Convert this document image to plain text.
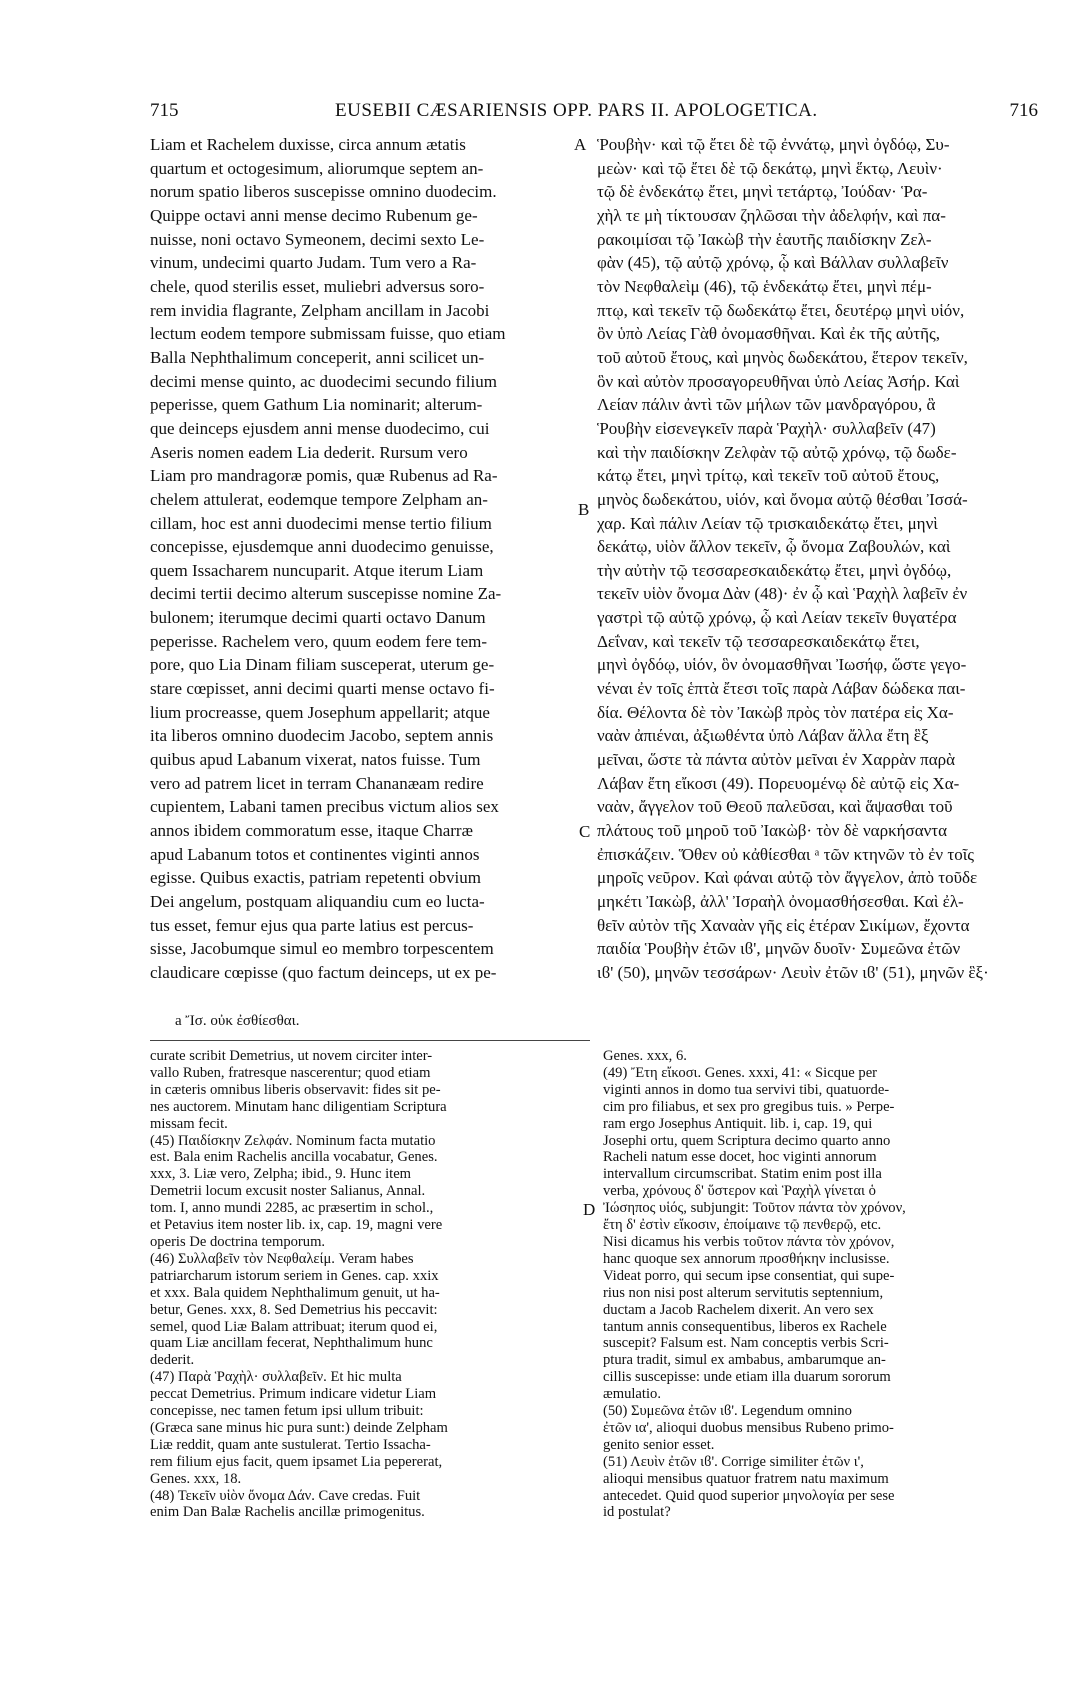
715	EUSEBII CÆSARIENSIS OPP. PARS II. APOLOGETICA.	716
Liam et Rachelem duxisse, circa annum ætatis
quartum et octogesimum, aliorumque septem an-
norum spatio liberos suscepisse omnino duodecim.
Quippe octavi anni mense decimo Rubenum ge-
nuisse, noni octavo Symeonem, decimi sexto Le-
vinum, undecimi quarto Judam. Tum vero a Ra-
chele, quod sterilis esset, muliebri adversus soro-
rem invidia flagrante, Zelpham ancillam in Jacobi
lectum eodem tempore submissam fuisse, quo etiam
Balla Nephthalimum conceperit, anni scilicet un-
decimi mense quinto, ac duodecimi secundo filium
peperisse, quem Gathum Lia nominarit; alterum-
que deinceps ejusdem anni mense duodecimo, cui
Aseris nomen eadem Lia dederit. Rursum vero
Liam pro mandragoræ pomis, quæ Rubenus ad Ra-
chelem attulerat, eodemque tempore Zelpham an-
cillam, hoc est anni duodecimi mense tertio filium
concepisse, ejusdemque anni duodecimo genuisse,
quem Issacharem nuncuparit. Atque iterum Liam
decimi tertii decimo alterum suscepisse nomine Za-
bulonem; iterumque decimi quarti octavo Danum
peperisse. Rachelem vero, quum eodem fere tem-
pore, quo Lia Dinam filiam susceperat, uterum ge-
stare cœpisset, anni decimi quarti mense octavo fi-
lium procreasse, quem Josephum appellarit; atque
ita liberos omnino duodecim Jacobo, septem annis
quibus apud Labanum vixerat, natos fuisse. Tum
vero ad patrem licet in terram Chananæam redire
cupientem, Labani tamen precibus victum alios sex
annos ibidem commoratum esse, itaque Charræ
apud Labanum totos et continentes viginti annos
egisse. Quibus exactis, patriam repetenti obvium
Dei angelum, postquam aliquandiu cum eo lucta-
tus esset, femur ejus qua parte latius est percus-
sisse, Jacobumque simul eo membro torpescentem
claudicare cœpisse (quo factum deinceps, ut ex pe-
Ῥουβὴν· καὶ τῷ ἔτει δὲ τῷ ἐννάτῳ, μηνὶ ὀγδόῳ, Συ-
μεὼν· καὶ τῷ ἔτει δὲ τῷ δεκάτῳ, μηνὶ ἕκτῳ, Λευὶν·
τῷ δὲ ἑνδεκάτῳ ἔτει, μηνὶ τετάρτῳ, Ἰούδαν· Ῥα-
χὴλ τε μὴ τίκτουσαν ζηλῶσαι τὴν ἀδελφήν, καὶ πα-
ρακοιμίσαι τῷ Ἰακὼβ τὴν ἑαυτῆς παιδίσκην Ζελ-
φὰν (45), τῷ αὐτῷ χρόνῳ, ᾧ καὶ Βάλλαν συλλαβεῖν
τὸν Νεφθαλεὶμ (46), τῷ ἑνδεκάτῳ ἔτει, μηνὶ πέμ-
πτῳ, καὶ τεκεῖν τῷ δωδεκάτῳ ἔτει, δευτέρῳ μηνὶ υἱόν,
ὃν ὑπὸ Λείας Γὰθ ὀνομασθῆναι. Καὶ ἐκ τῆς αὐτῆς,
τοῦ αὐτοῦ ἔτους, καὶ μηνὸς δωδεκάτου, ἕτερον τεκεῖν,
ὃν καὶ αὐτὸν προσαγορευθῆναι ὑπὸ Λείας Ἀσήρ. Καὶ
Λείαν πάλιν ἀντὶ τῶν μήλων τῶν μανδραγόρου, ἃ
Ῥουβὴν εἰσενεγκεῖν παρὰ Ῥαχὴλ· συλλαβεῖν (47)
καὶ τὴν παιδίσκην Ζελφὰν τῷ αὐτῷ χρόνῳ, τῷ δωδε-
κάτῳ ἔτει, μηνὶ τρίτῳ, καὶ τεκεῖν τοῦ αὐτοῦ ἔτους,
μηνὸς δωδεκάτου, υἱόν, καὶ ὄνομα αὐτῷ θέσθαι Ἰσσά-
χαρ. Καὶ πάλιν Λείαν τῷ τρισκαιδεκάτῳ ἔτει, μηνὶ
δεκάτῳ, υἱὸν ἄλλον τεκεῖν, ᾧ ὄνομα Ζαβουλών, καὶ
τὴν αὐτὴν τῷ τεσσαρεσκαιδεκάτῳ ἔτει, μηνὶ ὀγδόῳ,
τεκεῖν υἱὸν ὄνομα Δὰν (48)· ἐν ᾧ καὶ Ῥαχὴλ λαβεῖν ἐν
γαστρὶ τῷ αὐτῷ χρόνῳ, ᾧ καὶ Λείαν τεκεῖν θυγατέρα
Δεΐναν, καὶ τεκεῖν τῷ τεσσαρεσκαιδεκάτῳ ἔτει,
μηνὶ ὀγδόῳ, υἱόν, ὃν ὀνομασθῆναι Ἰωσήφ, ὥστε γεγο-
νέναι ἐν τοῖς ἑπτὰ ἔτεσι τοῖς παρὰ Λάβαν δώδεκα παι-
δία. Θέλοντα δὲ τὸν Ἰακὼβ πρὸς τὸν πατέρα εἰς Χα-
ναὰν ἀπιέναι, ἀξιωθέντα ὑπὸ Λάβαν ἄλλα ἔτη ἓξ
μεῖναι, ὥστε τὰ πάντα αὐτὸν μεῖναι ἐν Χαρρὰν παρὰ
Λάβαν ἔτη εἴκοσι (49). Πορευομένῳ δὲ αὐτῷ εἰς Χα-
ναὰν, ἄγγελον τοῦ Θεοῦ παλεῦσαι, καὶ ἅψασθαι τοῦ
πλάτους τοῦ μηροῦ τοῦ Ἰακὼβ· τὸν δὲ ναρκήσαντα
ἐπισκάζειν. Ὅθεν οὐ κἀθίεσθαι ᵃ τῶν κτηνῶν τὸ ἐν τοῖς
μηροῖς νεῦρον. Καὶ φάναι αὐτῷ τὸν ἄγγελον, ἀπὸ τοῦδε
μηκέτι Ἰακὼβ, ἀλλ' Ἰσραὴλ ὀνομασθήσεσθαι. Καὶ ἐλ-
θεῖν αὐτὸν τῆς Χαναὰν γῆς εἰς ἑτέραν Σικίμων, ἔχοντα
παιδία Ῥουβὴν ἐτῶν ιϐ', μηνῶν δυοῖν· Συμεῶνα ἐτῶν
ιϐ' (50), μηνῶν τεσσάρων· Λευὶν ἐτῶν ιϐ' (51), μηνῶν ἓξ·
A
B
C
D
a Ἴσ. οὐκ ἐσθίεσθαι.
curate scribit Demetrius, ut novem circiter inter-
vallo Ruben, fratresque nascerentur; quod etiam
in cæteris omnibus liberis observavit: fides sit pe-
nes auctorem. Minutam hanc diligentiam Scriptura
missam fecit.
(45) Παιδίσκην Ζελφάν. Nominum facta mutatio
est. Bala enim Rachelis ancilla vocabatur, Genes.
xxx, 3. Liæ vero, Zelpha; ibid., 9. Hunc item
Demetrii locum excusit noster Salianus, Annal.
tom. I, anno mundi 2285, ac præsertim in schol.,
et Petavius item noster lib. ix, cap. 19, magni vere
operis De doctrina temporum.
(46) Συλλαβεῖν τὸν Νεφθαλείμ. Veram habes
patriarcharum istorum seriem in Genes. cap. xxix
et xxx. Bala quidem Nephthalimum genuit, ut ha-
betur, Genes. xxx, 8. Sed Demetrius his peccavit:
semel, quod Liæ Balam attribuat; iterum quod ei,
quam Liæ ancillam fecerat, Nephthalimum hunc
dederit.
(47) Παρὰ Ῥαχὴλ· συλλαβεῖν. Et hic multa
peccat Demetrius. Primum indicare videtur Liam
concepisse, nec tamen fetum ipsi ullum tribuit:
(Græca sane minus hic pura sunt:) deinde Zelpham
Liæ reddit, quam ante sustulerat. Tertio Issacha-
rem filium ejus facit, quem ipsamet Lia pepererat,
Genes. xxx, 18.
(48) Τεκεῖν υἱὸν ὄνομα Δάν. Cave credas. Fuit
enim Dan Balæ Rachelis ancillæ primogenitus.
Genes. xxx, 6.
(49) Ἔτη εἴκοσι. Genes. xxxi, 41: « Sicque per
viginti annos in domo tua servivi tibi, quatuorde-
cim pro filiabus, et sex pro gregibus tuis. » Perpe-
ram ergo Josephus Antiquit. lib. i, cap. 19, qui
Josephi ortu, quem Scriptura decimo quarto anno
Racheli natum esse docet, hoc viginti annorum
intervallum circumscribat. Statim enim post illa
verba, χρόνους δ' ὕστερον καὶ Ῥαχὴλ γίνεται ὁ
Ἰώσηπος υἱός, subjungit: Τοῦτον πάντα τὸν χρόνον,
ἔτη δ' ἐστὶν εἴκοσιν, ἐποίμαινε τῷ πενθερῷ, etc.
Nisi dicamus his verbis τοῦτον πάντα τὸν χρόνον,
hanc quoque sex annorum προσθήκην inclusisse.
Videat porro, qui secum ipse consentiat, qui supe-
rius non nisi post alterum servitutis septennium,
ductam a Jacob Rachelem dixerit. An vero sex
tantum annis consequentibus, liberos ex Rachele
suscepit? Falsum est. Nam conceptis verbis Scri-
ptura tradit, simul ex ambabus, ambarumque an-
cillis suscepisse: unde etiam illa duarum sororum
æmulatio.
(50) Συμεῶνα ἐτῶν ιϐ'. Legendum omnino
ἐτῶν ια', alioqui duobus mensibus Rubeno primo-
genito senior esset.
(51) Λευὶν ἐτῶν ιϐ'. Corrige similiter ἐτῶν ι',
alioqui mensibus quatuor fratrem natu maximum
antecedet. Quid quod superior μηνολογία per sese
id postulat?
